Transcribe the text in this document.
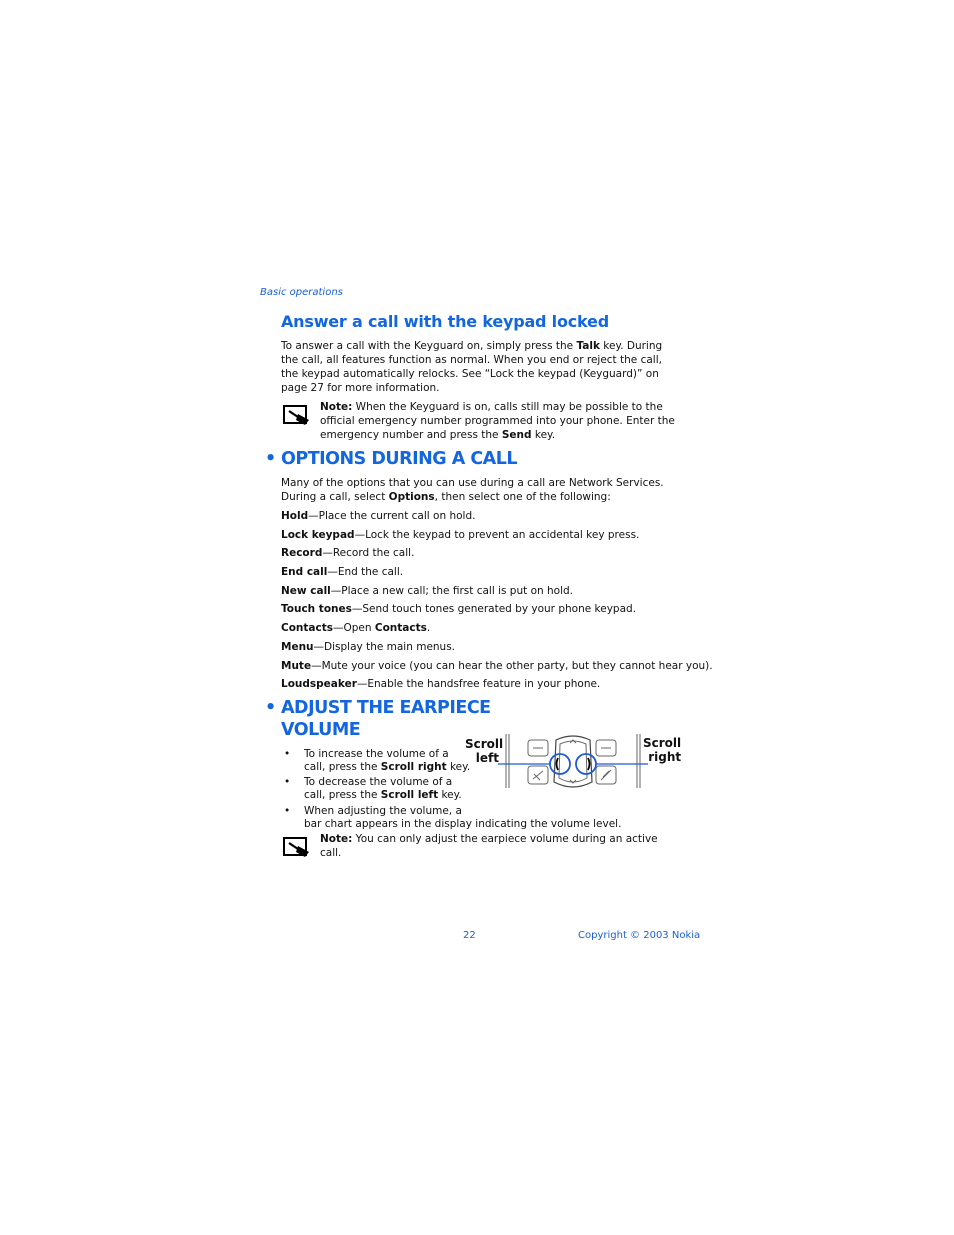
Basic operations
Answer a call with the keypad locked
To answer a call with the Keyguard on, simply press the Talk key. During the call, all features function as normal. When you end or reject the call, the keypad automatically relocks. See “Lock the keypad (Keyguard)” on page 27 for more information.
Note: When the Keyguard is on, calls still may be possible to the official emergency number programmed into your phone. Enter the emergency number and press the Send key.
• OPTIONS DURING A CALL
Many of the options that you can use during a call are Network Services. During a call, select Options, then select one of the following:
Hold—Place the current call on hold.
Lock keypad—Lock the keypad to prevent an accidental key press.
Record—Record the call.
End call—End the call.
New call—Place a new call; the first call is put on hold.
Touch tones—Send touch tones generated by your phone keypad.
Contacts—Open Contacts.
Menu—Display the main menus.
Mute—Mute your voice (you can hear the other party, but they cannot hear you).
Loudspeaker—Enable the handsfree feature in your phone.
• ADJUST THE EARPIECE
VOLUME
• To increase the volume of a
call, press the Scroll right key.
• To decrease the volume of a
call, press the Scroll left key.
• When adjusting the volume, a
bar chart appears in the display indicating the volume level.
Scroll
left
Scroll
right
Note: You can only adjust the earpiece volume during an active call.
22	Copyright © 2003 Nokia
